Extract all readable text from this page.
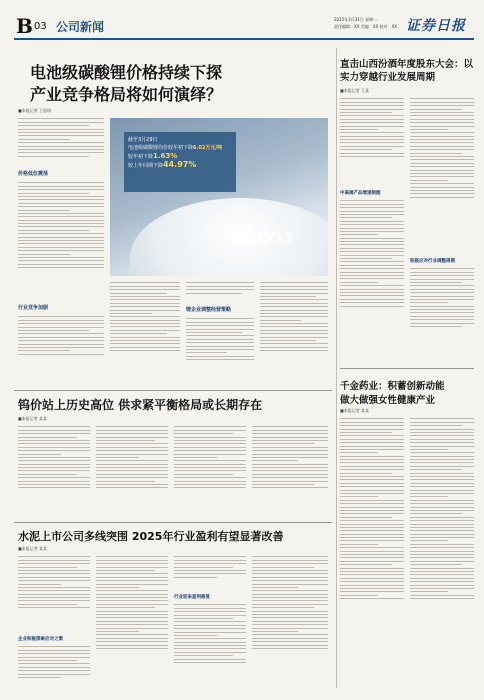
B 03 公司新闻
2025年3月31日 星期一
责任编辑：XX 美编：XX 校对：XX 证券日报
电池级碳酸锂价格持续下探
产业竞争格局将如何演绎？
■本报记者 王思琪
价格低位震荡
行业竞争加剧
截至3月29日
电池级碳酸锂均价较年初下降6.02万元/吨
较年初下降1.63%
较上年同期下降44.97%
Li2CO3
锂企业调整经营策略
直击山西汾酒年度股东大会：以实力穿越行业发展周期
■本报记者 王某
中高端产品增速领跑
积极应对行业调整周期
钨价站上历史高位 供求紧平衡格局或长期存在
■本报记者 某某
千金药业：积蓄创新动能
做大做强女性健康产业
■本报记者 某某
水泥上市公司多线突围 2025年行业盈利有望显著改善
■本报记者 某某
企业积极探索应对之策
行业迎来盈利修复
